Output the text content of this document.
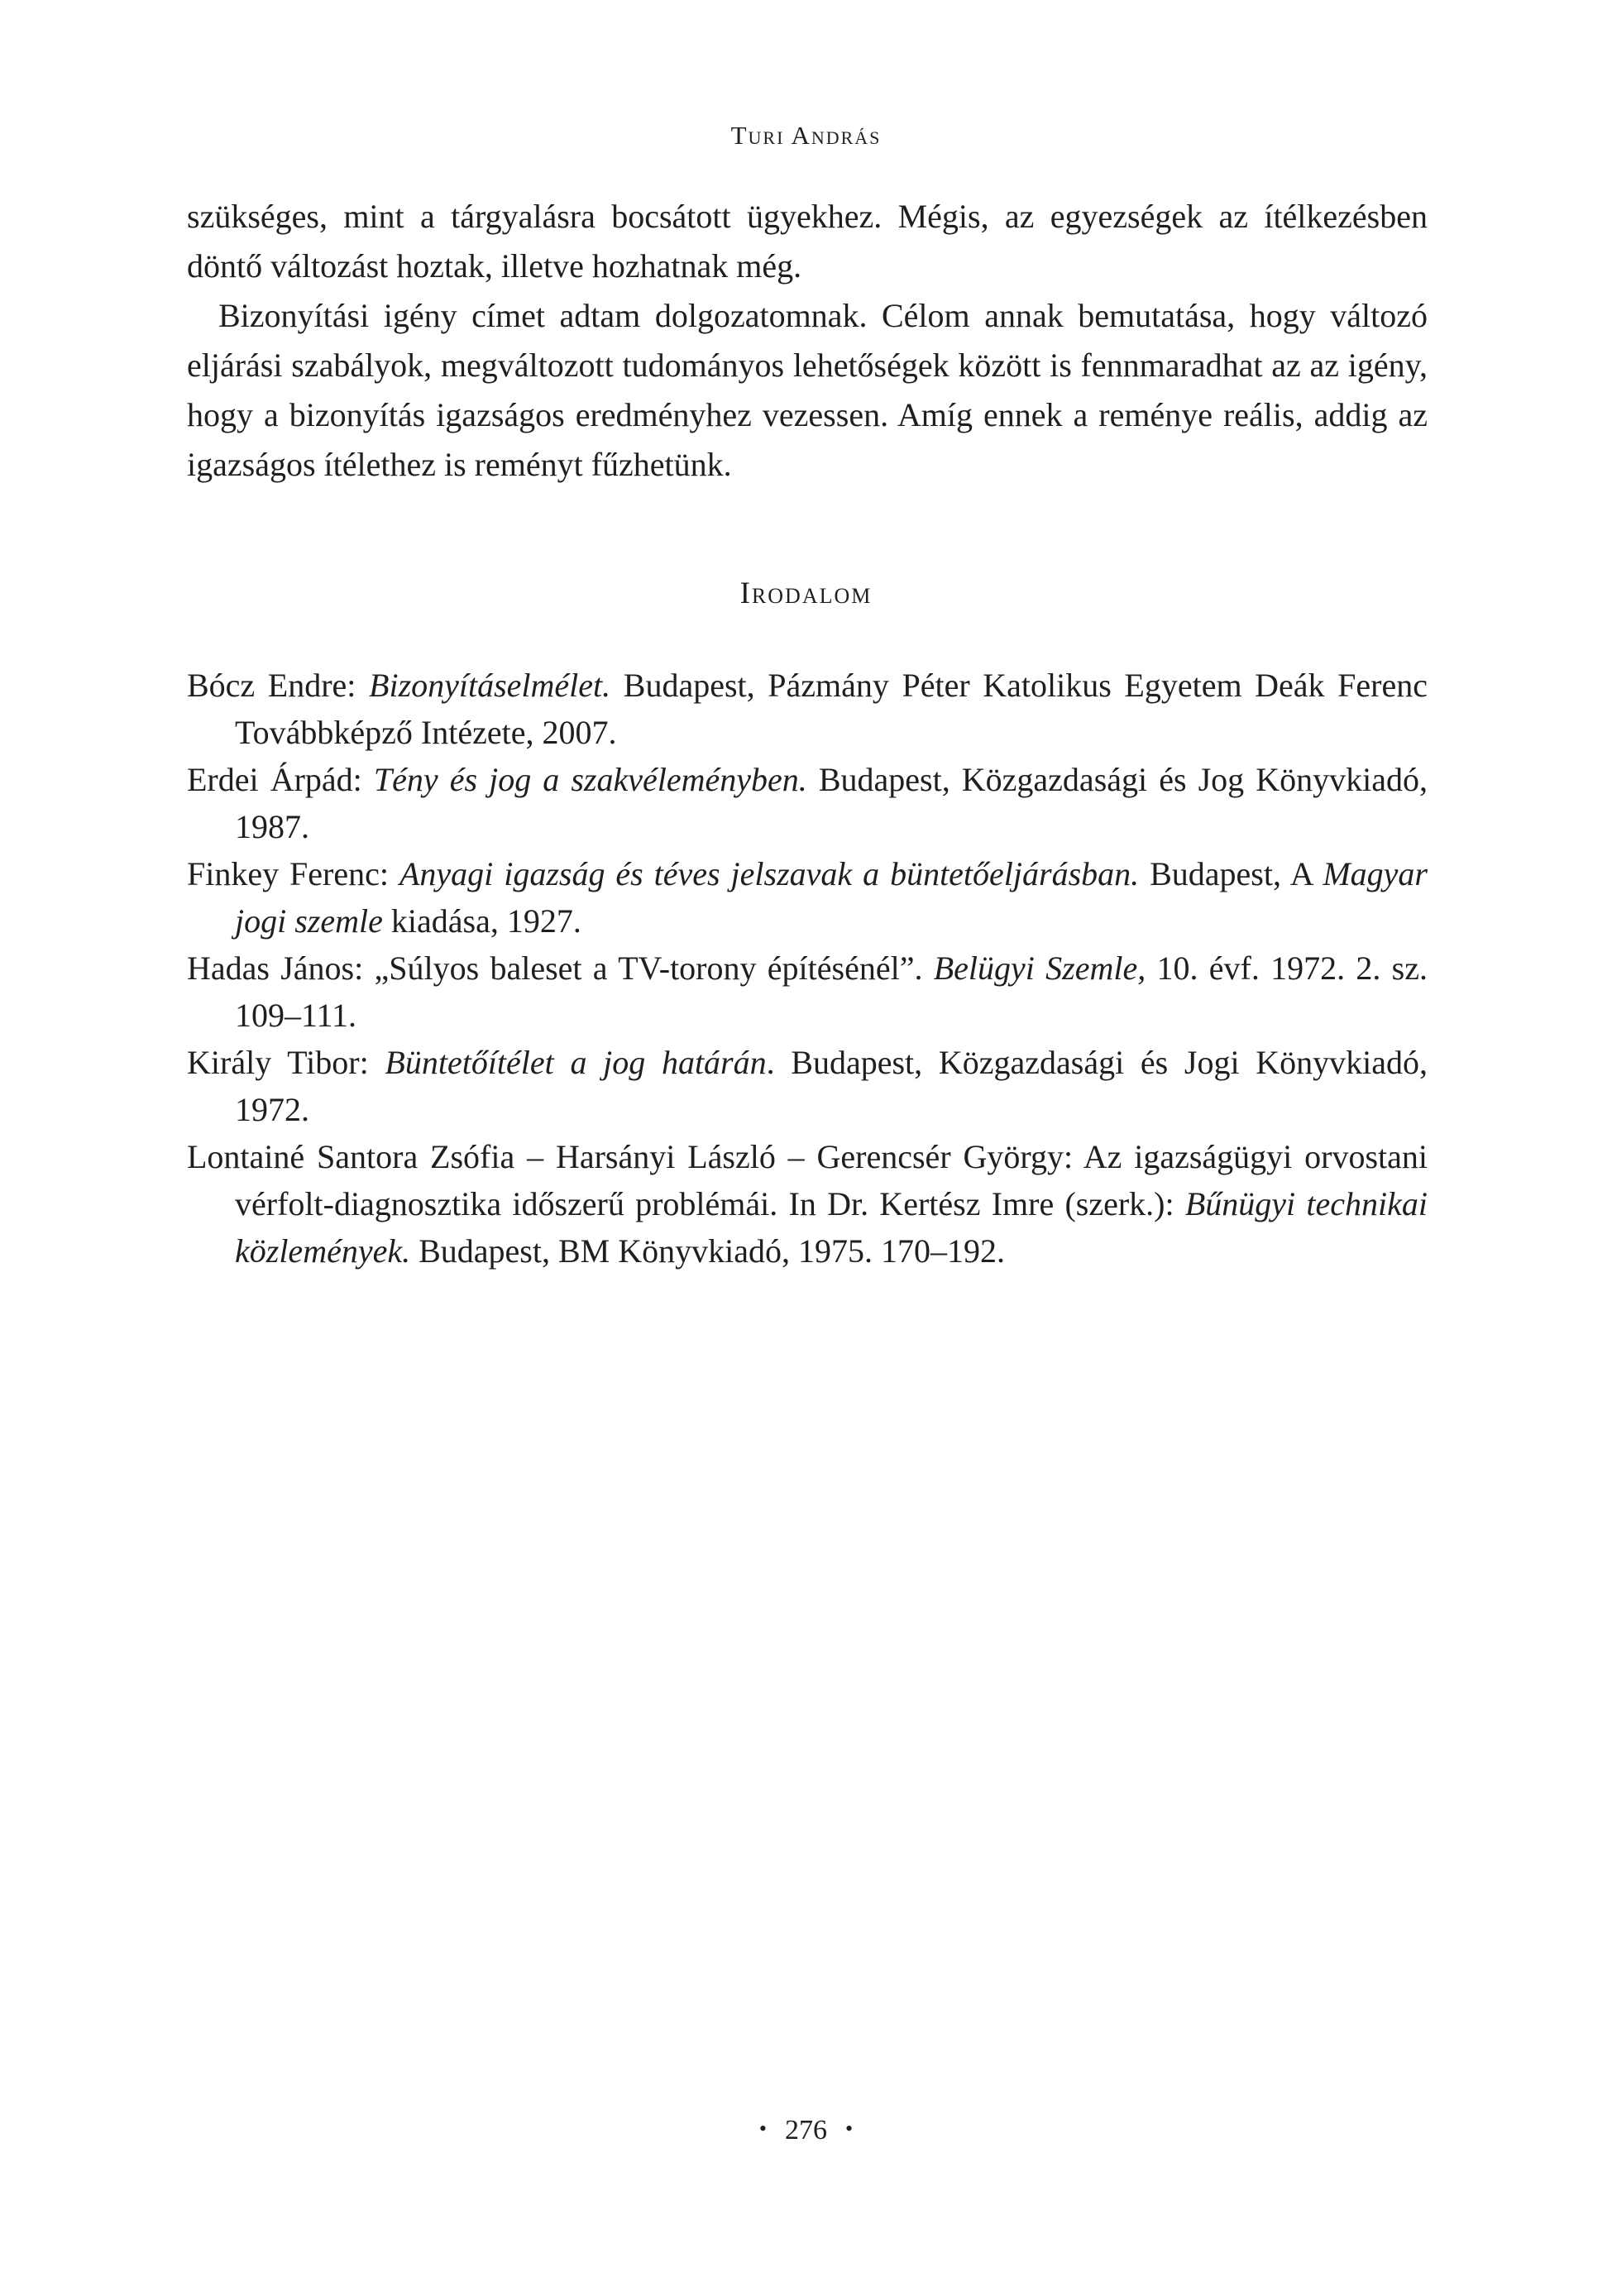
Turi András

szükséges, mint a tárgyalásra bocsátott ügyekhez. Mégis, az egyezségek az ítélkezésben döntő változást hoztak, illetve hozhatnak még.

Bizonyítási igény címet adtam dolgozatomnak. Célom annak bemutatása, hogy változó eljárási szabályok, megváltozott tudományos lehetőségek között is fennmaradhat az az igény, hogy a bizonyítás igazságos eredményhez vezessen. Amíg ennek a reménye reális, addig az igazságos ítélethez is reményt fűzhetünk.

Irodalom

Bócz Endre: Bizonyításelmélet. Budapest, Pázmány Péter Katolikus Egyetem Deák Ferenc Továbbképző Intézete, 2007.

Erdei Árpád: Tény és jog a szakvéleményben. Budapest, Közgazdasági és Jog Könyvkiadó, 1987.

Finkey Ferenc: Anyagi igazság és téves jelszavak a büntetőeljárásban. Budapest, A Magyar jogi szemle kiadása, 1927.

Hadas János: „Súlyos baleset a TV-torony építésénél”. Belügyi Szemle, 10. évf. 1972. 2. sz. 109–111.

Király Tibor: Büntetőítélet a jog határán. Budapest, Közgazdasági és Jogi Könyvkiadó, 1972.

Lontainé Santora Zsófia – Harsányi László – Gerencsér György: Az igazságügyi orvostani vérfolt-diagnosztika időszerű problémái. In Dr. Kertész Imre (szerk.): Bűnügyi technikai közlemények. Budapest, BM Könyvkiadó, 1975. 170–192.

• 276 •
